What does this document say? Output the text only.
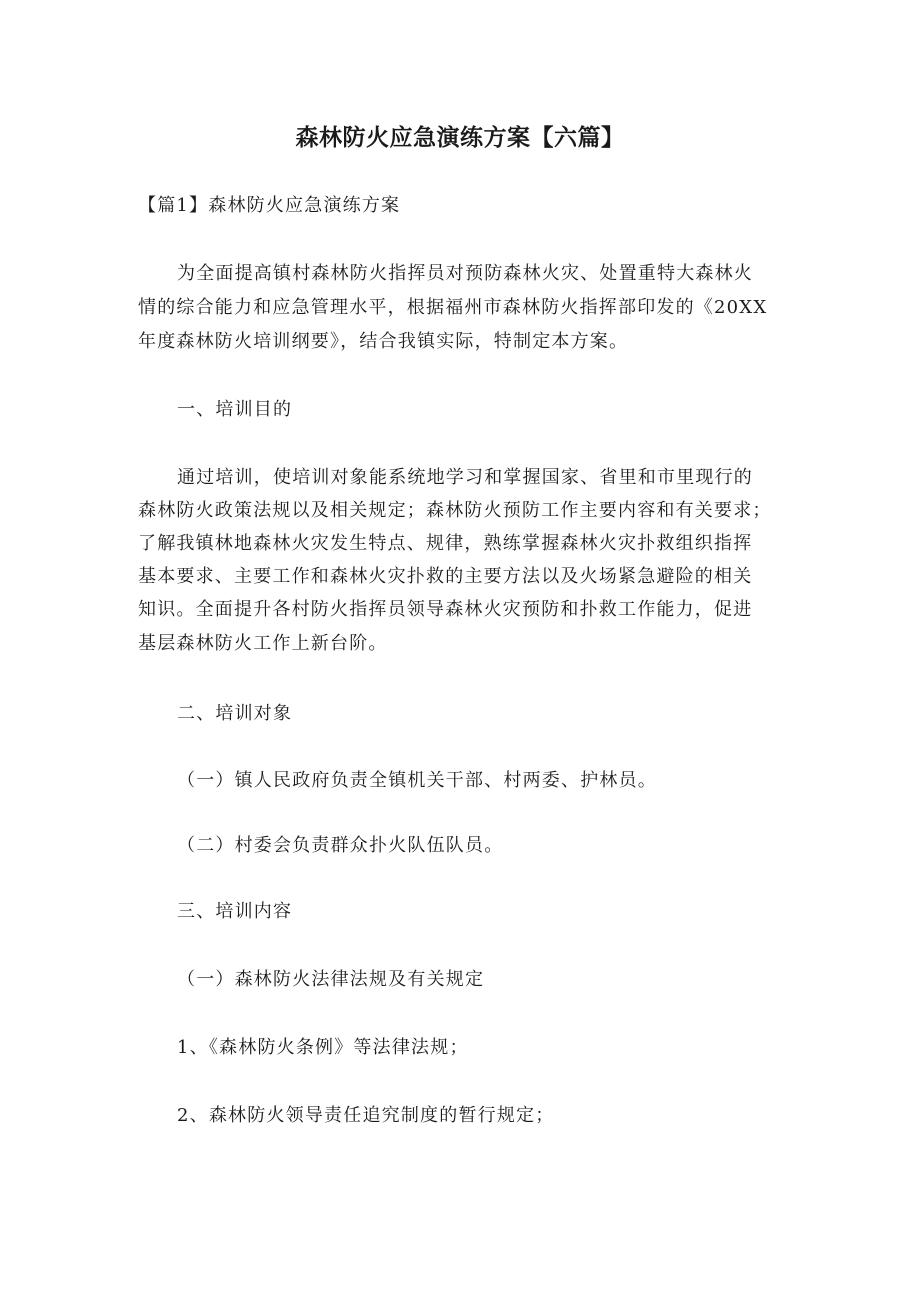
森林防火应急演练方案【六篇】
【篇1】森林防火应急演练方案
为全面提高镇村森林防火指挥员对预防森林火灾、处置重特大森林火
情的综合能力和应急管理水平，根据福州市森林防火指挥部印发的《20XX
年度森林防火培训纲要》，结合我镇实际，特制定本方案。
一、培训目的
通过培训，使培训对象能系统地学习和掌握国家、省里和市里现行的
森林防火政策法规以及相关规定；森林防火预防工作主要内容和有关要求；
了解我镇林地森林火灾发生特点、规律，熟练掌握森林火灾扑救组织指挥
基本要求、主要工作和森林火灾扑救的主要方法以及火场紧急避险的相关
知识。全面提升各村防火指挥员领导森林火灾预防和扑救工作能力，促进
基层森林防火工作上新台阶。
二、培训对象
（一）镇人民政府负责全镇机关干部、村两委、护林员。
（二）村委会负责群众扑火队伍队员。
三、培训内容
（一）森林防火法律法规及有关规定
1、《森林防火条例》等法律法规；
2、森林防火领导责任追究制度的暂行规定；
